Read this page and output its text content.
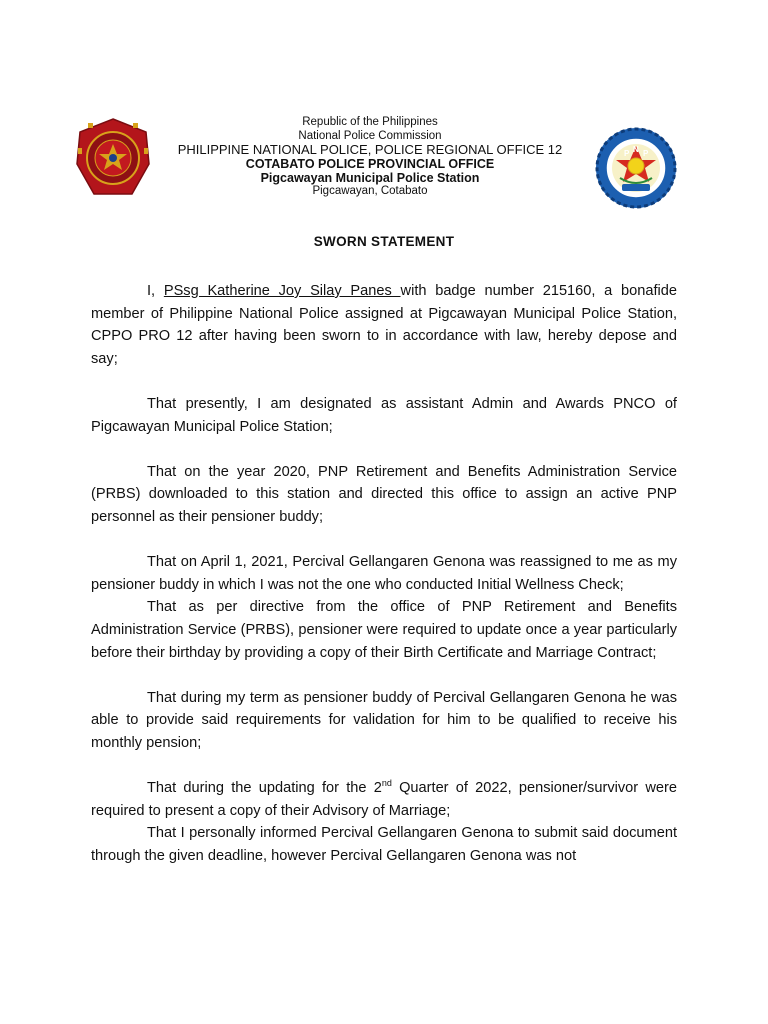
P N P
Republic of the Philippines
National Police Commission
PHILIPPINE NATIONAL POLICE, POLICE REGIONAL OFFICE 12
COTABATO POLICE PROVINCIAL OFFICE
Pigcawayan Municipal Police Station
Pigcawayan, Cotabato
SWORN STATEMENT

I, PSsg Katherine Joy Silay Panes with badge number 215160, a bonafide member of Philippine National Police assigned at Pigcawayan Municipal Police Station, CPPO PRO 12 after having been sworn to in accordance with law, hereby depose and say;

That presently, I am designated as assistant Admin and Awards PNCO of Pigcawayan Municipal Police Station;

That on the year 2020, PNP Retirement and Benefits Administration Service (PRBS) downloaded to this station and directed this office to assign an active PNP personnel as their pensioner buddy;

That on April 1, 2021, Percival Gellangaren Genona was reassigned to me as my pensioner buddy in which I was not the one who conducted Initial Wellness Check;

That as per directive from the office of PNP Retirement and Benefits Administration Service (PRBS), pensioner were required to update once a year particularly before their birthday by providing a copy of their Birth Certificate and Marriage Contract;

That during my term as pensioner buddy of Percival Gellangaren Genona he was able to provide said requirements for validation for him to be qualified to receive his monthly pension;

That during the updating for the 2nd Quarter of 2022, pensioner/survivor were required to present a copy of their Advisory of Marriage;

That I personally informed Percival Gellangaren Genona to submit said document through the given deadline, however Percival Gellangaren Genona was not
